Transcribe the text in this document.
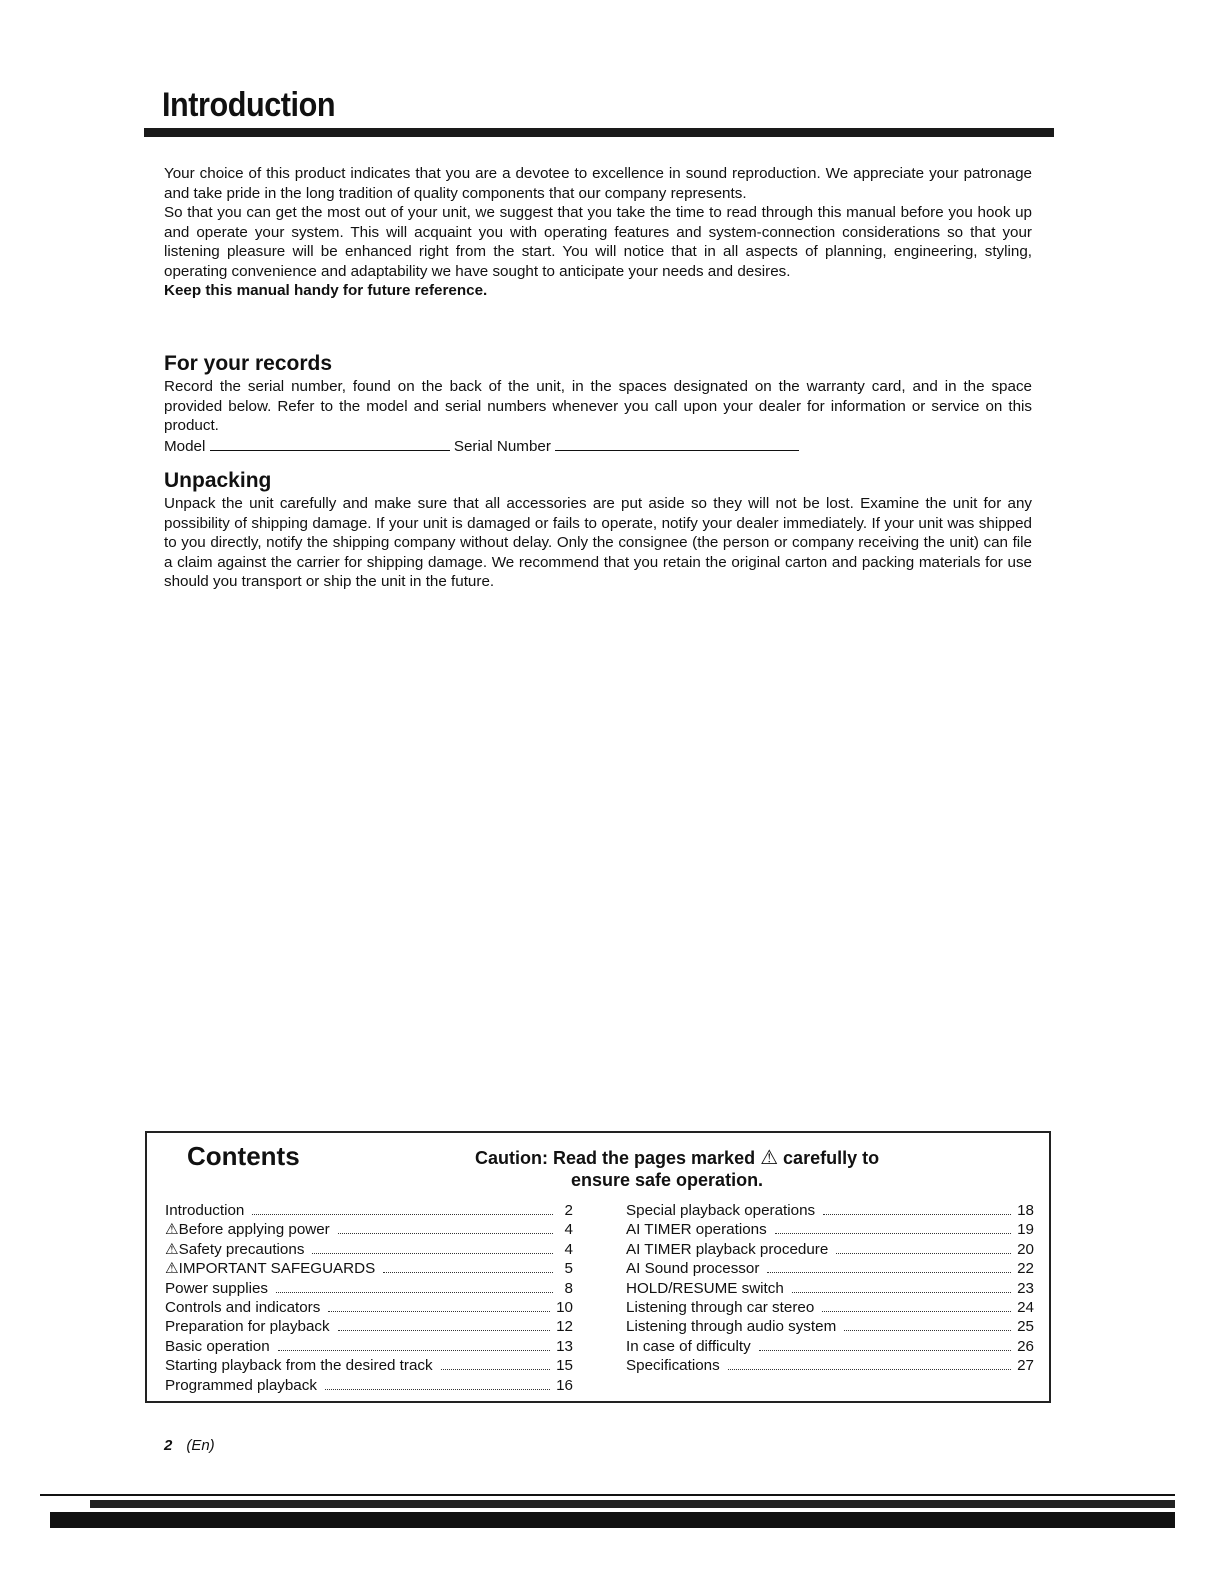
Introduction

Your choice of this product indicates that you are a devotee to excellence in sound reproduction. We appreciate your patronage and take pride in the long tradition of quality components that our company represents.

So that you can get the most out of your unit, we suggest that you take the time to read through this manual before you hook up and operate your system. This will acquaint you with operating features and system-connection considerations so that your listening pleasure will be enhanced right from the start. You will notice that in all aspects of planning, engineering, styling, operating convenience and adaptability we have sought to anticipate your needs and desires.

Keep this manual handy for future reference.

For your records

Record the serial number, found on the back of the unit, in the spaces designated on the warranty card, and in the space provided below. Refer to the model and serial numbers whenever you call upon your dealer for information or service on this product.

Model	Serial Number
Unpacking

Unpack the unit carefully and make sure that all accessories are put aside so they will not be lost. Examine the unit for any possibility of shipping damage. If your unit is damaged or fails to operate, notify your dealer immediately. If your unit was shipped to you directly, notify the shipping company without delay. Only the consignee (the person or company receiving the unit) can file a claim against the carrier for shipping damage. We recommend that you retain the original carton and packing materials for use should you transport or ship the unit in the future.

Contents	Caution: Read the pages marked ⚠ carefully to
ensure safe operation.
Introduction	2
⚠Before applying power	4
⚠Safety precautions	4
⚠IMPORTANT SAFEGUARDS	5
Power supplies	8
Controls and indicators	10
Preparation for playback	12
Basic operation	13
Starting playback from the desired track	15
Programmed playback	16
Special playback operations	18
AI TIMER operations	19
AI TIMER playback procedure	20
AI Sound processor	22
HOLD/RESUME switch	23
Listening through car stereo	24
Listening through audio system	25
In case of difficulty	26
Specifications	27
2 (En)
